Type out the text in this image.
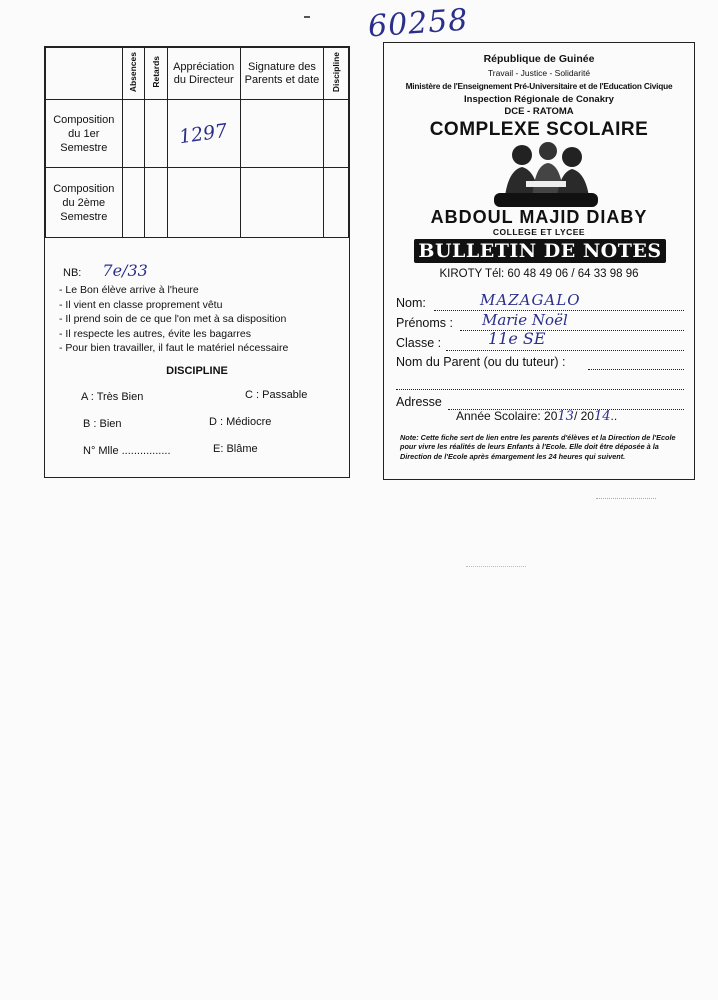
60258
	Absences	Retards	Appréciation du Directeur	Signature des Parents et date	Discipline
Composition du 1er Semestre			1297		
Composition du 2ème Semestre					
NB: 7e/33
- Le Bon élève arrive à l'heure
- Il vient en classe proprement vêtu
- Il prend soin de ce que l'on met à sa disposition
- Il respecte les autres, évite les bagarres
- Pour bien travailler, il faut le matériel nécessaire
DISCIPLINE
A : Très Bien	C : Passable
B : Bien	D : Médiocre
N° Mlle ................	E: Blâme
République de Guinée
Travail - Justice - Solidarité
Ministère de l'Enseignement Pré-Universitaire et de l'Education Civique
Inspection Régionale de Conakry
DCE - RATOMA
COMPLEXE SCOLAIRE
ABDOUL MAJID DIABY
COLLEGE ET LYCEE
BULLETIN DE NOTES
KIROTY Tél: 60 48 49 06 / 64 33 98 96
Nom:	MAZAGALO
Prénoms : Marie Noël
Classe :	11e SE
Nom du Parent (ou du tuteur) :
Adresse
Année Scolaire: 2013/ 2014..
Note: Cette fiche sert de lien entre les parents d'élèves et la Direction de l'Ecole pour vivre les réalités de leurs Enfants à l'Ecole. Elle doit être déposée à la Direction de l'Ecole après émargement les 24 heures qui suivent.
